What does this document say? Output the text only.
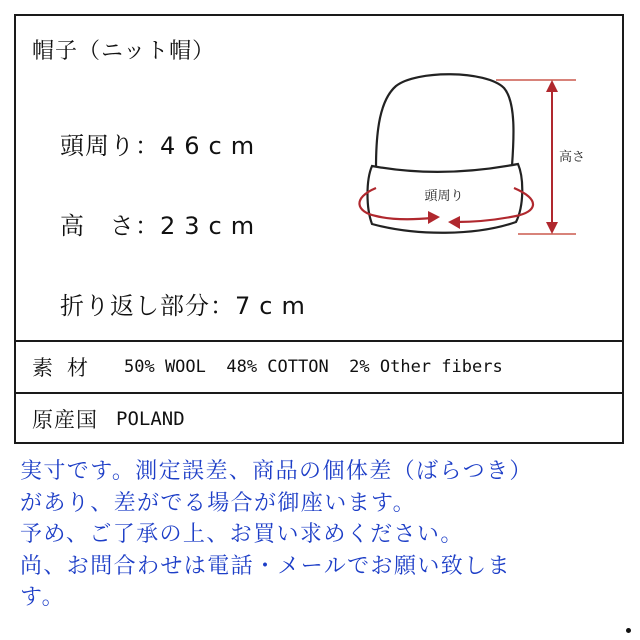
帽子（ニット帽）
頭周り：46cm
高　さ：23cm
折り返し部分：7cm
頭周り
高さ
素材 50% WOOL  48% COTTON  2% Other fibers
原産国 POLAND

実寸です。測定誤差、商品の個体差（ばらつき）

があり、差がでる場合が御座います。

予め、ご了承の上、お買い求めください。

尚、お問合わせは電話・メールでお願い致しま

す。
